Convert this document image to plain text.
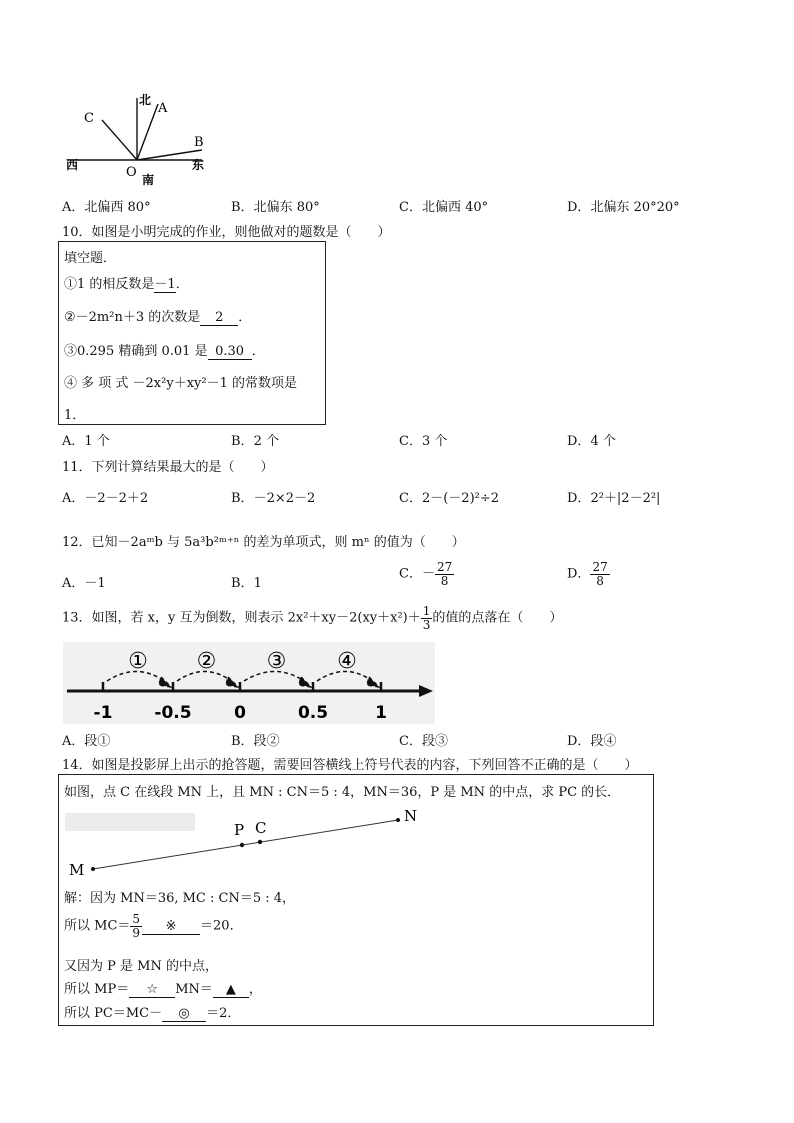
北
A
C
B
东
西	O 南
A．北偏西 80°	B．北偏东 80°	C．北偏西 40°	D．北偏东 20°20°
10．如图是小明完成的作业，则他做对的题数是（　　）
填空题．
①1 的相反数是－1．
②－2m²n＋3 的次数是 2 ．
③0.295 精确到 0.01 是 0.30 ．
④ 多 项 式 －2x²y＋xy²－1 的常数项是
1．
A．1 个	B．2 个	C．3 个	D．4 个
11．下列计算结果最大的是（　　）
A．－2－2＋2	B．－2×2－2	C．2－(－2)²÷2	D．2²＋|2－2²|
12．已知－2aᵐb 与 5a³b²ᵐ⁺ⁿ 的差为单项式，则 mⁿ 的值为（　　）
A．－1	B．1
C．－ $\frac{27}{8}$	D． $\frac{27}{8}$
13．如图，若 x，y 互为倒数，则表示 $2x^2+xy-2(xy+x^2)+ \frac{1}{3}$ 的值的点落在（　　）
-1 -0.5 0	0.5	1
① ② ③ ④
A．段①	B．段②	C．段③	D．段④
14．如图是投影屏上出示的抢答题，需要回答横线上符号代表的内容，下列回答不正确的是（　　）
如图，点 C 在线段 MN 上，且 MN : CN＝5 : 4，MN＝36，P 是 MN 的中点，求 PC 的长．
M
P C
N
解：因为 MN＝36, MC : CN＝5 : 4，
所以 $MC= \frac{5}{9}$ ※ ＝20．
又因为 P 是 MN 的中点，
所以 MP＝ ☆ MN＝ ▲ ，
所以 PC＝MC－ ◎ ＝2．
